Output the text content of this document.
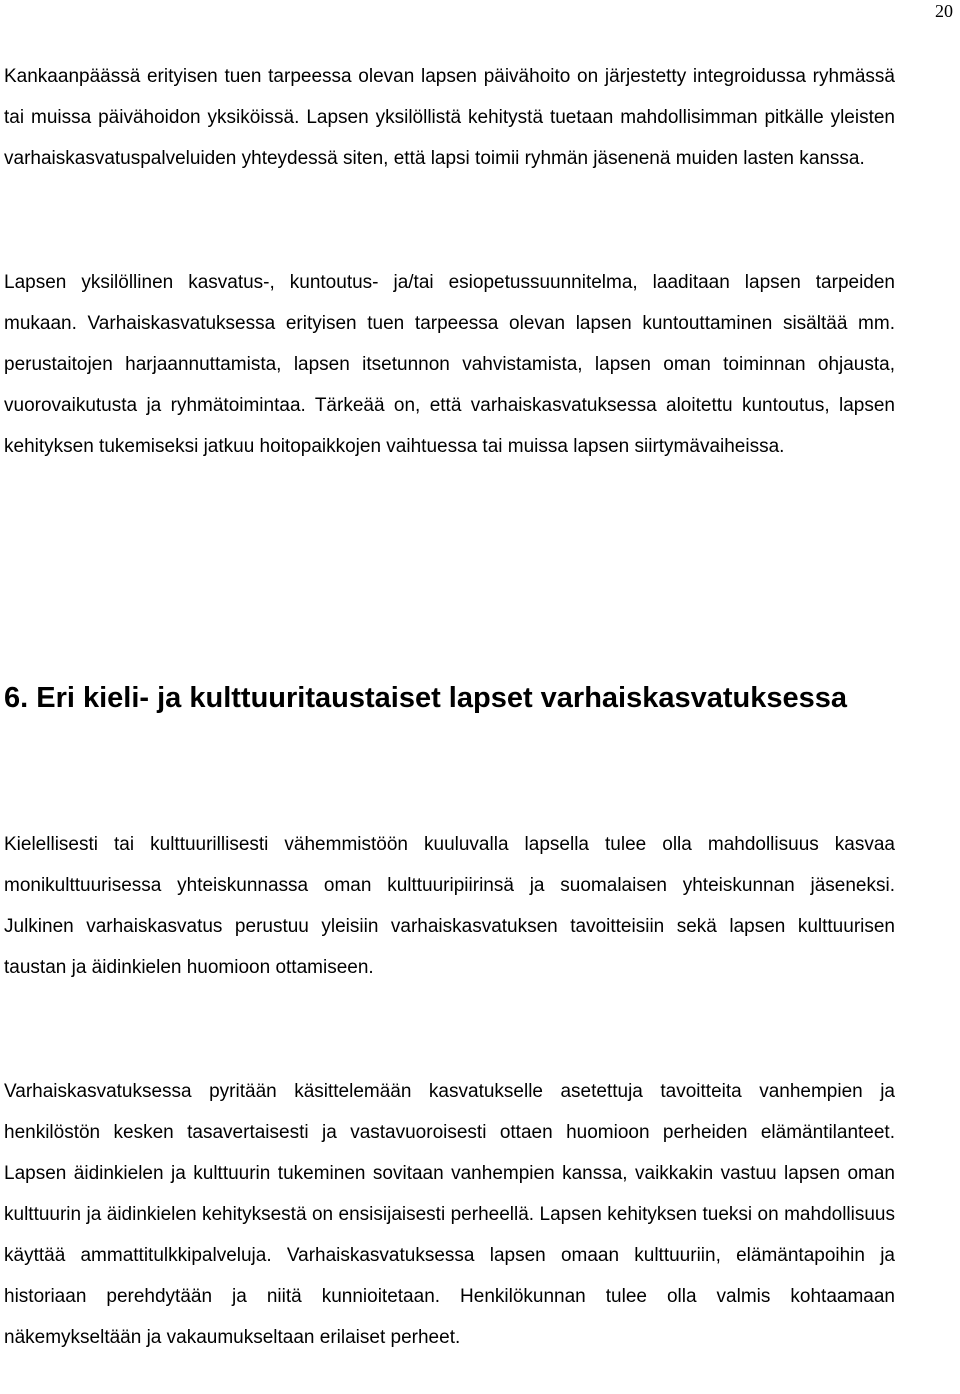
20

Kankaanpäässä erityisen tuen tarpeessa olevan lapsen päivähoito on järjestetty integroidussa ryhmässä tai muissa päivähoidon yksiköissä. Lapsen yksilöllistä kehitystä tuetaan mahdollisimman pitkälle yleisten varhaiskasvatuspalveluiden yhteydessä siten, että lapsi toimii ryhmän jäsenenä muiden lasten kanssa.

Lapsen yksilöllinen kasvatus-, kuntoutus- ja/tai esiopetussuunnitelma, laaditaan lapsen tarpeiden mukaan. Varhaiskasvatuksessa erityisen tuen tarpeessa olevan lapsen kuntouttaminen sisältää mm. perustaitojen harjaannuttamista, lapsen itsetunnon vahvistamista, lapsen oman toiminnan ohjausta, vuorovaikutusta ja ryhmätoimintaa. Tärkeää on, että varhaiskasvatuksessa aloitettu kuntoutus, lapsen kehityksen tukemiseksi jatkuu hoitopaikkojen vaihtuessa tai muissa lapsen siirtymävaiheissa.

6. Eri kieli- ja kulttuuritaustaiset lapset varhaiskasvatuksessa

Kielellisesti tai kulttuurillisesti vähemmistöön kuuluvalla lapsella tulee olla mahdollisuus kasvaa monikulttuurisessa yhteiskunnassa oman kulttuuripiirinsä ja suomalaisen yhteiskunnan jäseneksi. Julkinen varhaiskasvatus perustuu yleisiin varhaiskasvatuksen tavoitteisiin sekä lapsen kulttuurisen taustan ja äidinkielen huomioon ottamiseen.

Varhaiskasvatuksessa pyritään käsittelemään kasvatukselle asetettuja tavoitteita vanhempien ja henkilöstön kesken tasavertaisesti ja vastavuoroisesti ottaen huomioon perheiden elämäntilanteet. Lapsen äidinkielen ja kulttuurin tukeminen sovitaan vanhempien kanssa, vaikkakin vastuu lapsen oman kulttuurin ja äidinkielen kehityksestä on ensisijaisesti perheellä. Lapsen kehityksen tueksi on mahdollisuus käyttää ammattitulkkipalveluja. Varhaiskasvatuksessa lapsen omaan kulttuuriin, elämäntapoihin ja historiaan perehdytään ja niitä kunnioitetaan. Henkilökunnan tulee olla valmis kohtaamaan näkemykseltään ja vakaumukseltaan erilaiset perheet.
